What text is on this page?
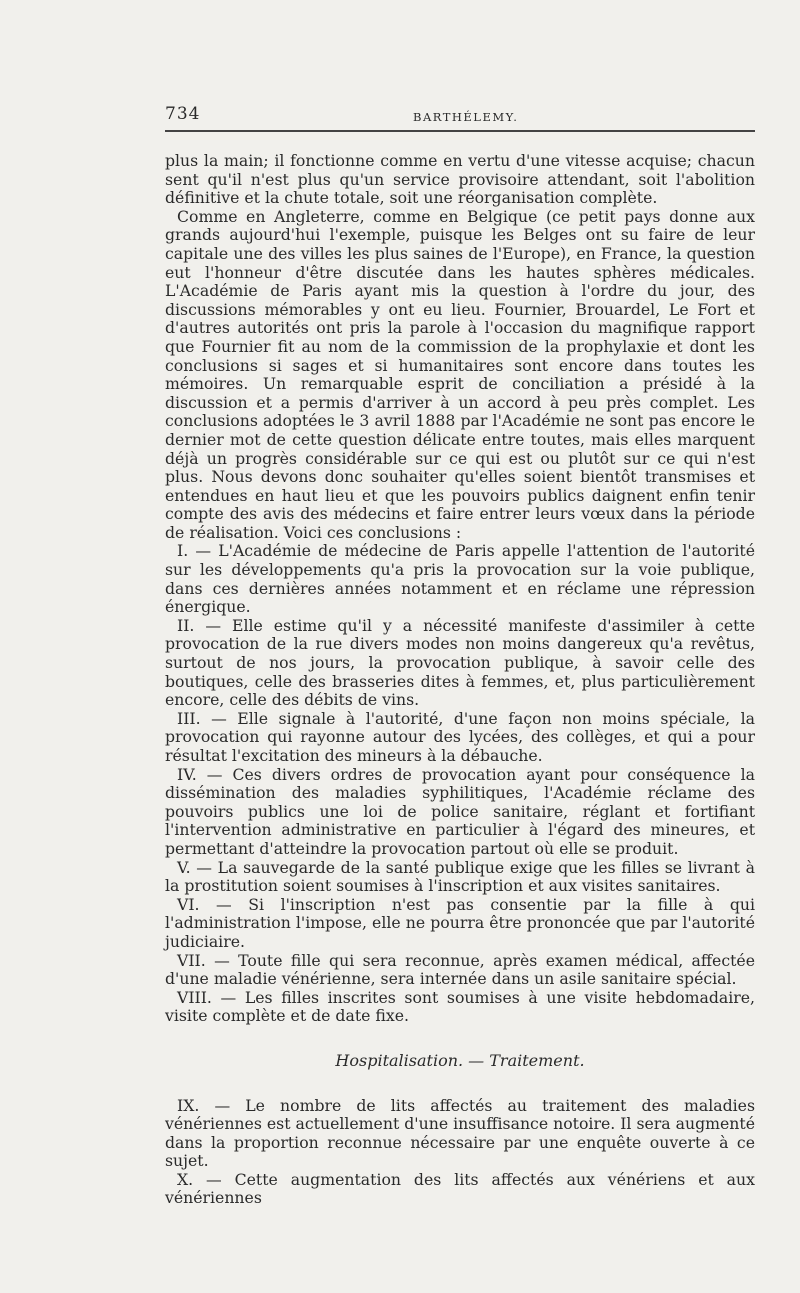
734	BARTHÉLEMY.

plus la main; il fonctionne comme en vertu d'une vitesse acquise; chacun sent qu'il n'est plus qu'un service provisoire attendant, soit l'abolition définitive et la chute totale, soit une réorganisation complète.

Comme en Angleterre, comme en Belgique (ce petit pays donne aux grands aujourd'hui l'exemple, puisque les Belges ont su faire de leur capitale une des villes les plus saines de l'Europe), en France, la question eut l'honneur d'être discutée dans les hautes sphères médicales. L'Académie de Paris ayant mis la question à l'ordre du jour, des discussions mémorables y ont eu lieu. Fournier, Brouardel, Le Fort et d'autres autorités ont pris la parole à l'occasion du magnifique rapport que Fournier fit au nom de la commission de la prophylaxie et dont les conclusions si sages et si humanitaires sont encore dans toutes les mémoires. Un remarquable esprit de conciliation a présidé à la discussion et a permis d'arriver à un accord à peu près complet. Les conclusions adoptées le 3 avril 1888 par l'Académie ne sont pas encore le dernier mot de cette question délicate entre toutes, mais elles marquent déjà un progrès considérable sur ce qui est ou plutôt sur ce qui n'est plus. Nous devons donc souhaiter qu'elles soient bientôt transmises et entendues en haut lieu et que les pouvoirs publics daignent enfin tenir compte des avis des médecins et faire entrer leurs vœux dans la période de réalisation. Voici ces conclusions :

I. — L'Académie de médecine de Paris appelle l'attention de l'autorité sur les développements qu'a pris la provocation sur la voie publique, dans ces dernières années notamment et en réclame une répression énergique.

II. — Elle estime qu'il y a nécessité manifeste d'assimiler à cette provocation de la rue divers modes non moins dangereux qu'a revêtus, surtout de nos jours, la provocation publique, à savoir celle des boutiques, celle des brasseries dites à femmes, et, plus particulièrement encore, celle des débits de vins.

III. — Elle signale à l'autorité, d'une façon non moins spéciale, la provocation qui rayonne autour des lycées, des collèges, et qui a pour résultat l'excitation des mineurs à la débauche.

IV. — Ces divers ordres de provocation ayant pour conséquence la dissémination des maladies syphilitiques, l'Académie réclame des pouvoirs publics une loi de police sanitaire, réglant et fortifiant l'intervention administrative en particulier à l'égard des mineures, et permettant d'atteindre la provocation partout où elle se produit.

V. — La sauvegarde de la santé publique exige que les filles se livrant à la prostitution soient soumises à l'inscription et aux visites sanitaires.

VI. — Si l'inscription n'est pas consentie par la fille à qui l'administration l'impose, elle ne pourra être prononcée que par l'autorité judiciaire.

VII. — Toute fille qui sera reconnue, après examen médical, affectée d'une maladie vénérienne, sera internée dans un asile sanitaire spécial.

VIII. — Les filles inscrites sont soumises à une visite hebdomadaire, visite complète et de date fixe.

Hospitalisation. — Traitement.

IX. — Le nombre de lits affectés au traitement des maladies vénériennes est actuellement d'une insuffisance notoire. Il sera augmenté dans la proportion reconnue nécessaire par une enquête ouverte à ce sujet.

X. — Cette augmentation des lits affectés aux vénériens et aux vénériennes
